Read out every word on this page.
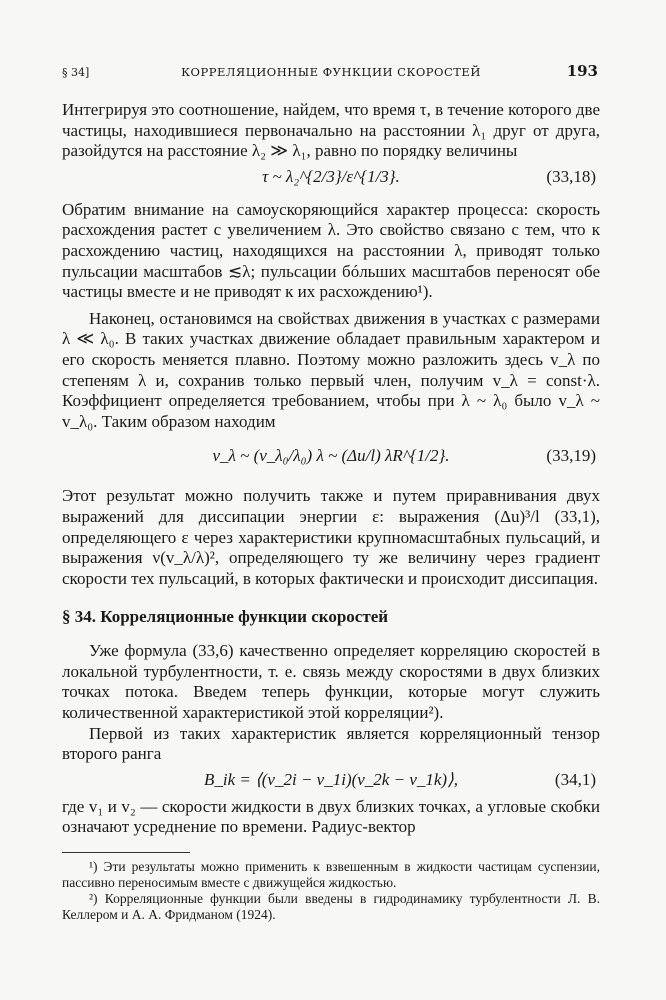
§ 34]	КОРРЕЛЯЦИОННЫЕ ФУНКЦИИ СКОРОСТЕЙ	193

Интегрируя это соотношение, найдем, что время τ, в течение которого две частицы, находившиеся первоначально на расстоянии λ₁ друг от друга, разойдутся на расстояние λ₂ ≫ λ₁, равно по порядку величины

τ ~ λ₂^{2/3}/ε^{1/3}.	(33,18)

Обратим внимание на самоускоряющийся характер процесса: скорость расхождения растет с увеличением λ. Это свойство связано с тем, что к расхождению частиц, находящихся на расстоянии λ, приводят только пульсации масштабов ≲λ; пульсации бóльших масштабов переносят обе частицы вместе и не приводят к их расхождению¹).

Наконец, остановимся на свойствах движения в участках с размерами λ ≪ λ₀. В таких участках движение обладает правильным характером и его скорость меняется плавно. Поэтому можно разложить здесь v_λ по степеням λ и, сохранив только первый член, получим v_λ = const·λ. Коэффициент определяется требованием, чтобы при λ ~ λ₀ было v_λ ~ v_λ₀. Таким образом находим

v_λ ~ (v_λ₀/λ₀) λ ~ (Δu/l) λR^{1/2}.	(33,19)

Этот результат можно получить также и путем приравнивания двух выражений для диссипации энергии ε: выражения (Δu)³/l (33,1), определяющего ε через характеристики крупномасштабных пульсаций, и выражения ν(v_λ/λ)², определяющего ту же величину через градиент скорости тех пульсаций, в которых фактически и происходит диссипация.

§ 34. Корреляционные функции скоростей

Уже формула (33,6) качественно определяет корреляцию скоростей в локальной турбулентности, т. е. связь между скоростями в двух близких точках потока. Введем теперь функции, которые могут служить количественной характеристикой этой корреляции²).

Первой из таких характеристик является корреляционный тензор второго ранга

B_ik = ⟨(v_2i − v_1i)(v_2k − v_1k)⟩,	(34,1)

где v₁ и v₂ — скорости жидкости в двух близких точках, а угловые скобки означают усреднение по времени. Радиус-вектор

¹) Эти результаты можно применить к взвешенным в жидкости частицам суспензии, пассивно переносимым вместе с движущейся жидкостью.

²) Корреляционные функции были введены в гидродинамику турбулентности Л. В. Келлером и А. А. Фридманом (1924).
